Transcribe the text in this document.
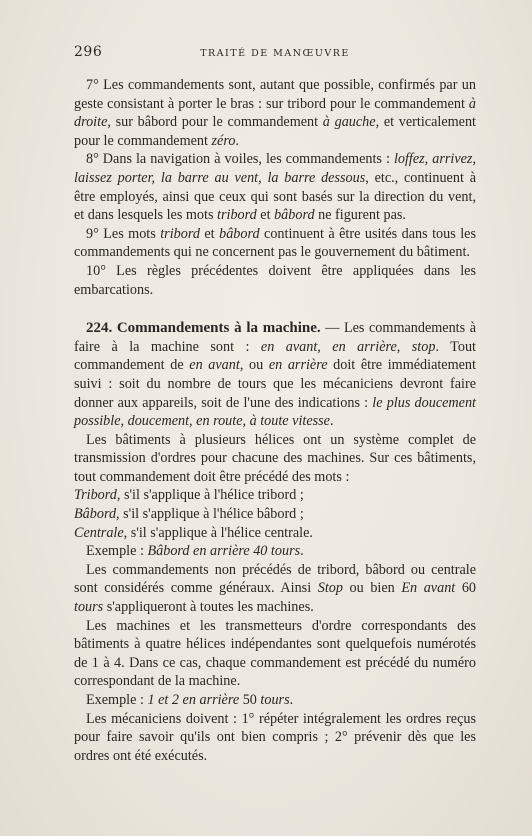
296	TRAITÉ DE MANŒUVRE

7° Les commandements sont, autant que possible, confirmés par un geste consistant à porter le bras : sur tribord pour le commandement à droite, sur bâbord pour le commandement à gauche, et verticalement pour le commandement zéro.

8° Dans la navigation à voiles, les commandements : loffez, arrivez, laissez porter, la barre au vent, la barre dessous, etc., continuent à être employés, ainsi que ceux qui sont basés sur la direction du vent, et dans lesquels les mots tribord et bâbord ne figurent pas.

9° Les mots tribord et bâbord continuent à être usités dans tous les commandements qui ne concernent pas le gouvernement du bâtiment.

10° Les règles précédentes doivent être appliquées dans les embarcations.

224. Commandements à la machine. — Les commandements à faire à la machine sont : en avant, en arrière, stop. Tout commandement de en avant, ou en arrière doit être immédiatement suivi : soit du nombre de tours que les mécaniciens devront faire donner aux appareils, soit de l'une des indications : le plus doucement possible, doucement, en route, à toute vitesse.

Les bâtiments à plusieurs hélices ont un système complet de transmission d'ordres pour chacune des machines. Sur ces bâtiments, tout commandement doit être précédé des mots :

Tribord, s'il s'applique à l'hélice tribord ;

Bâbord, s'il s'applique à l'hélice bâbord ;

Centrale, s'il s'applique à l'hélice centrale.

Exemple : Bâbord en arrière 40 tours.

Les commandements non précédés de tribord, bâbord ou centrale sont considérés comme généraux. Ainsi Stop ou bien En avant 60 tours s'appliqueront à toutes les machines.

Les machines et les transmetteurs d'ordre correspondants des bâtiments à quatre hélices indépendantes sont quelquefois numérotés de 1 à 4. Dans ce cas, chaque commandement est précédé du numéro correspondant de la machine.

Exemple : 1 et 2 en arrière 50 tours.

Les mécaniciens doivent : 1° répéter intégralement les ordres reçus pour faire savoir qu'ils ont bien compris ; 2° prévenir dès que les ordres ont été exécutés.
